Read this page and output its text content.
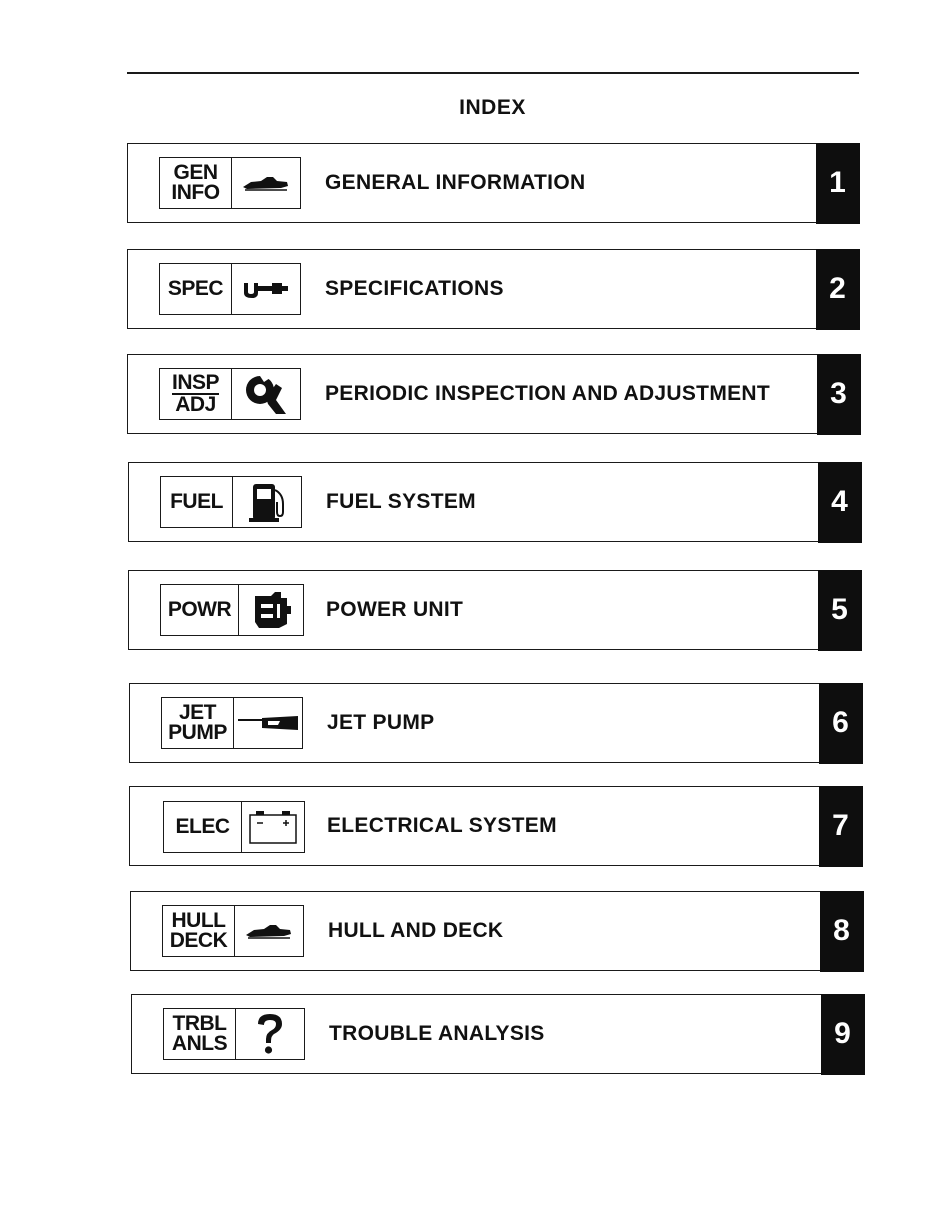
INDEX
GEN
INFO	GENERAL INFORMATION	1
SPEC	SPECIFICATIONS	2
INSP
ADJ	PERIODIC INSPECTION AND ADJUSTMENT	3
FUEL	FUEL SYSTEM	4
POWR	POWER UNIT	5
JET
PUMP	JET PUMP	6
ELEC	ELECTRICAL SYSTEM	7
HULL
DECK	HULL AND DECK	8
TRBL
ANLS	TROUBLE ANALYSIS	9
